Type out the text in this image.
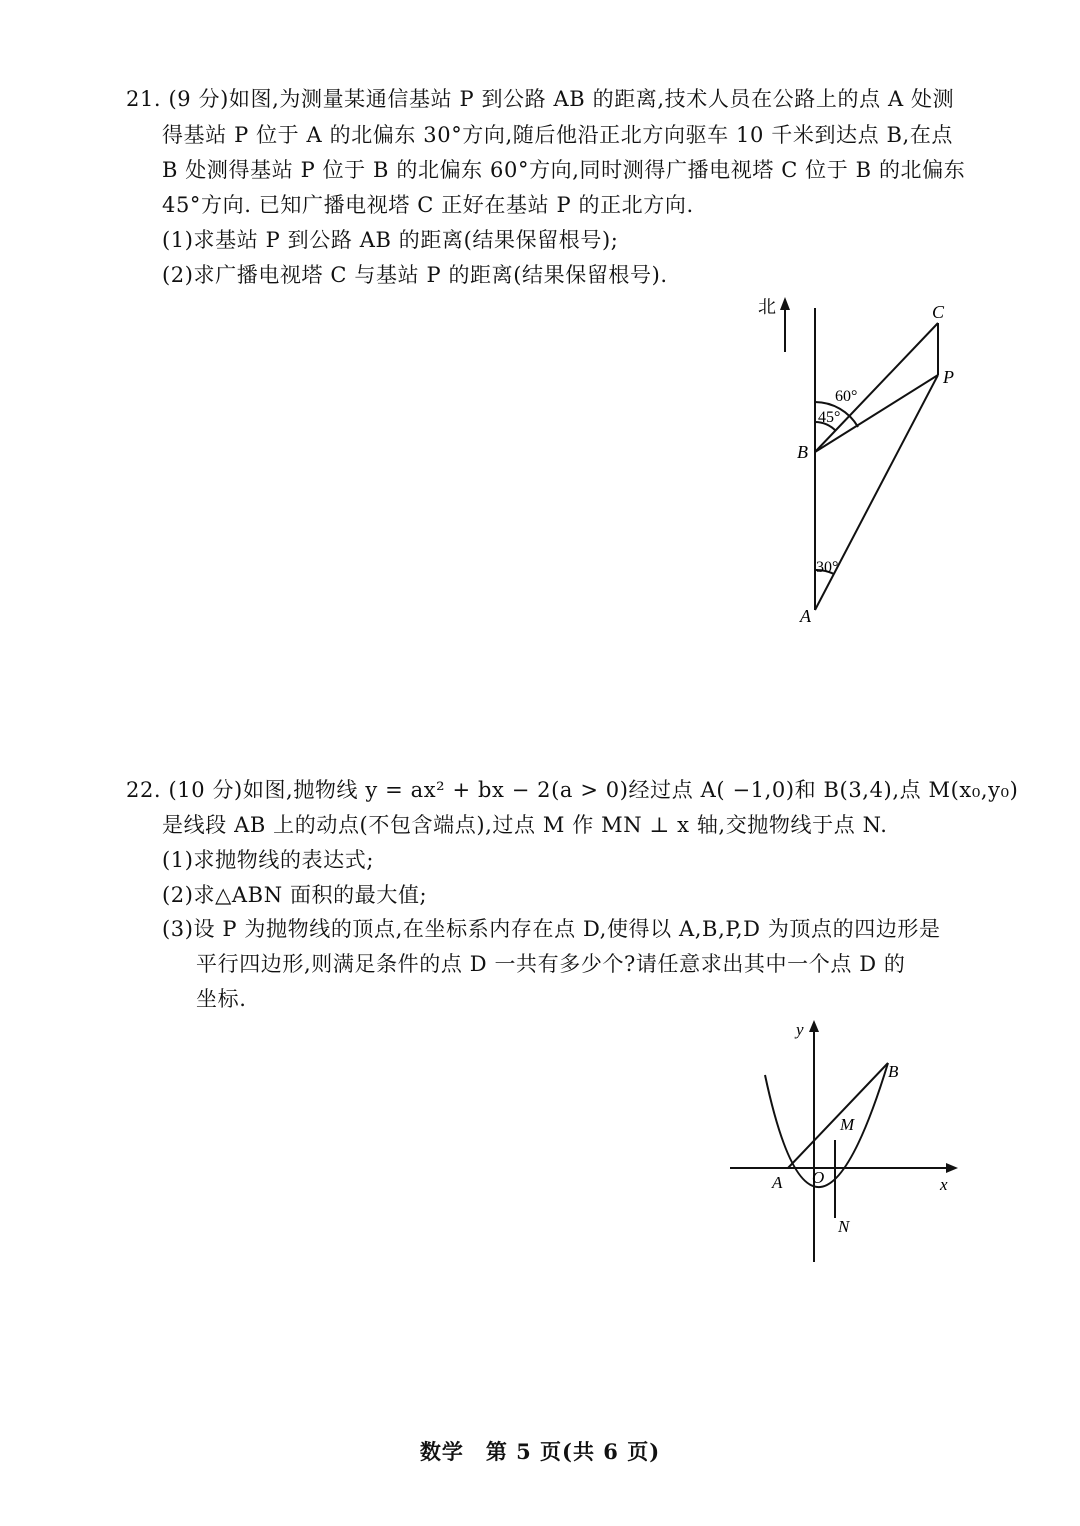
21. (9 分)如图,为测量某通信基站 P 到公路 AB 的距离,技术人员在公路上的点 A 处测
得基站 P 位于 A 的北偏东 30°方向,随后他沿正北方向驱车 10 千米到达点 B,在点
B 处测得基站 P 位于 B 的北偏东 60°方向,同时测得广播电视塔 C 位于 B 的北偏东
45°方向. 已知广播电视塔 C 正好在基站 P 的正北方向.
(1)求基站 P 到公路 AB 的距离(结果保留根号);
(2)求广播电视塔 C 与基站 P 的距离(结果保留根号).
22. (10 分)如图,抛物线 y = ax² + bx − 2(a > 0)经过点 A( −1,0)和 B(3,4),点 M(x₀,y₀)
是线段 AB 上的动点(不包含端点),过点 M 作 MN ⊥ x 轴,交抛物线于点 N.
(1)求抛物线的表达式;
(2)求△ABN 面积的最大值;
(3)设 P 为抛物线的顶点,在坐标系内存在点 D,使得以 A,B,P,D 为顶点的四边形是
平行四边形,则满足条件的点 D 一共有多少个?请任意求出其中一个点 D 的
坐标.
北	C
P
B
A
60°
45°
30°
y
x
O
A
B
M
N
数学　第 5 页(共 6 页)
